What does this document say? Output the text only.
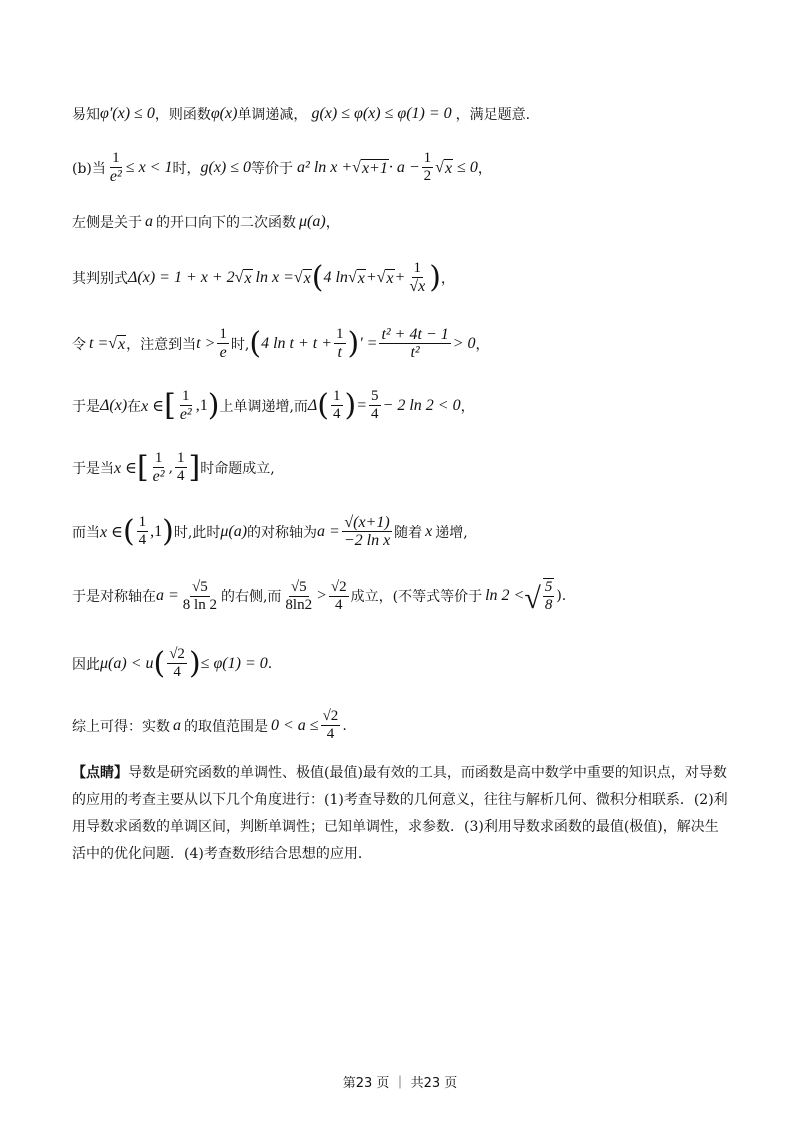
易知 φ' (x) ≤ 0 ，则函数 φ(x) 单调递减， g(x) ≤ φ(x) ≤ φ(1) = 0 ，满足题意.
(b)当 $\frac{1}{\text{e²}} \le x < 1$ 时， g(x) ≤ 0 等价于 a² ln x + √ $x+1 \cdot a - \frac{1}{2}$ √ x ≤ 0 ，
左侧是关于 a 的开口向下的二次函数 μ(a) ，
其判别式 Δ(x) = 1 + x + 2 √ x ln x = √ x ( 4 ln √ x + √ $x + \frac{1}{√x}$ ) ，
令 t = √ x ，注意到当 $t > \frac{1}{e}$ 时, ( 4 $\ln t + t + \frac{1}{t}$ ) ' = $\frac{\text{t² + 4t − 1}}{\text{t²}} > 0$ ，
于是 Δ(x) 在 x ∈ [ $\frac{1}{\text{e²}} ,1$ ) 上单调递增,而 Δ ( $\frac{1}{4}$ ) = $\frac{5}{4} - 2$ ln 2 < 0 ，
于是当 x ∈ [ $\frac{1}{\text{e²}}$ , $\frac{1}{4}$ ] 时命题成立,
而当 x ∈ ( $\frac{1}{4} ,1$ ) 时,此时 μ(a) 的对称轴为 $a = \frac{√(x+1)}{\text{−2 ln x}}$ 随着 x 递增,
于是对称轴在 $a = \frac{√5}{8 \ln 2}$ 的右侧,而 $\frac{√5}{8\ln 2} > \frac{√2}{4}$ 成立，(不等式等价于 ln 2 < √ $\frac{5}{8}$ ).
因此 μ(a) < u ( $\frac{√2}{4}$ ) ≤ φ(1) = 0 .
综上可得：实数 a 的取值范围是 $0 < a \le \frac{√2}{4}$ .
【点睛】导数是研究函数的单调性、极值(最值)最有效的工具，而函数是高中数学中重要的知识点，对导数的应用的考查主要从以下几个角度进行：(1)考查导数的几何意义，往往与解析几何、微积分相联系．(2)利用导数求函数的单调区间，判断单调性；已知单调性，求参数．(3)利用导数求函数的最值(极值)，解决生活中的优化问题．(4)考查数形结合思想的应用．
第23 页 ｜ 共23 页
